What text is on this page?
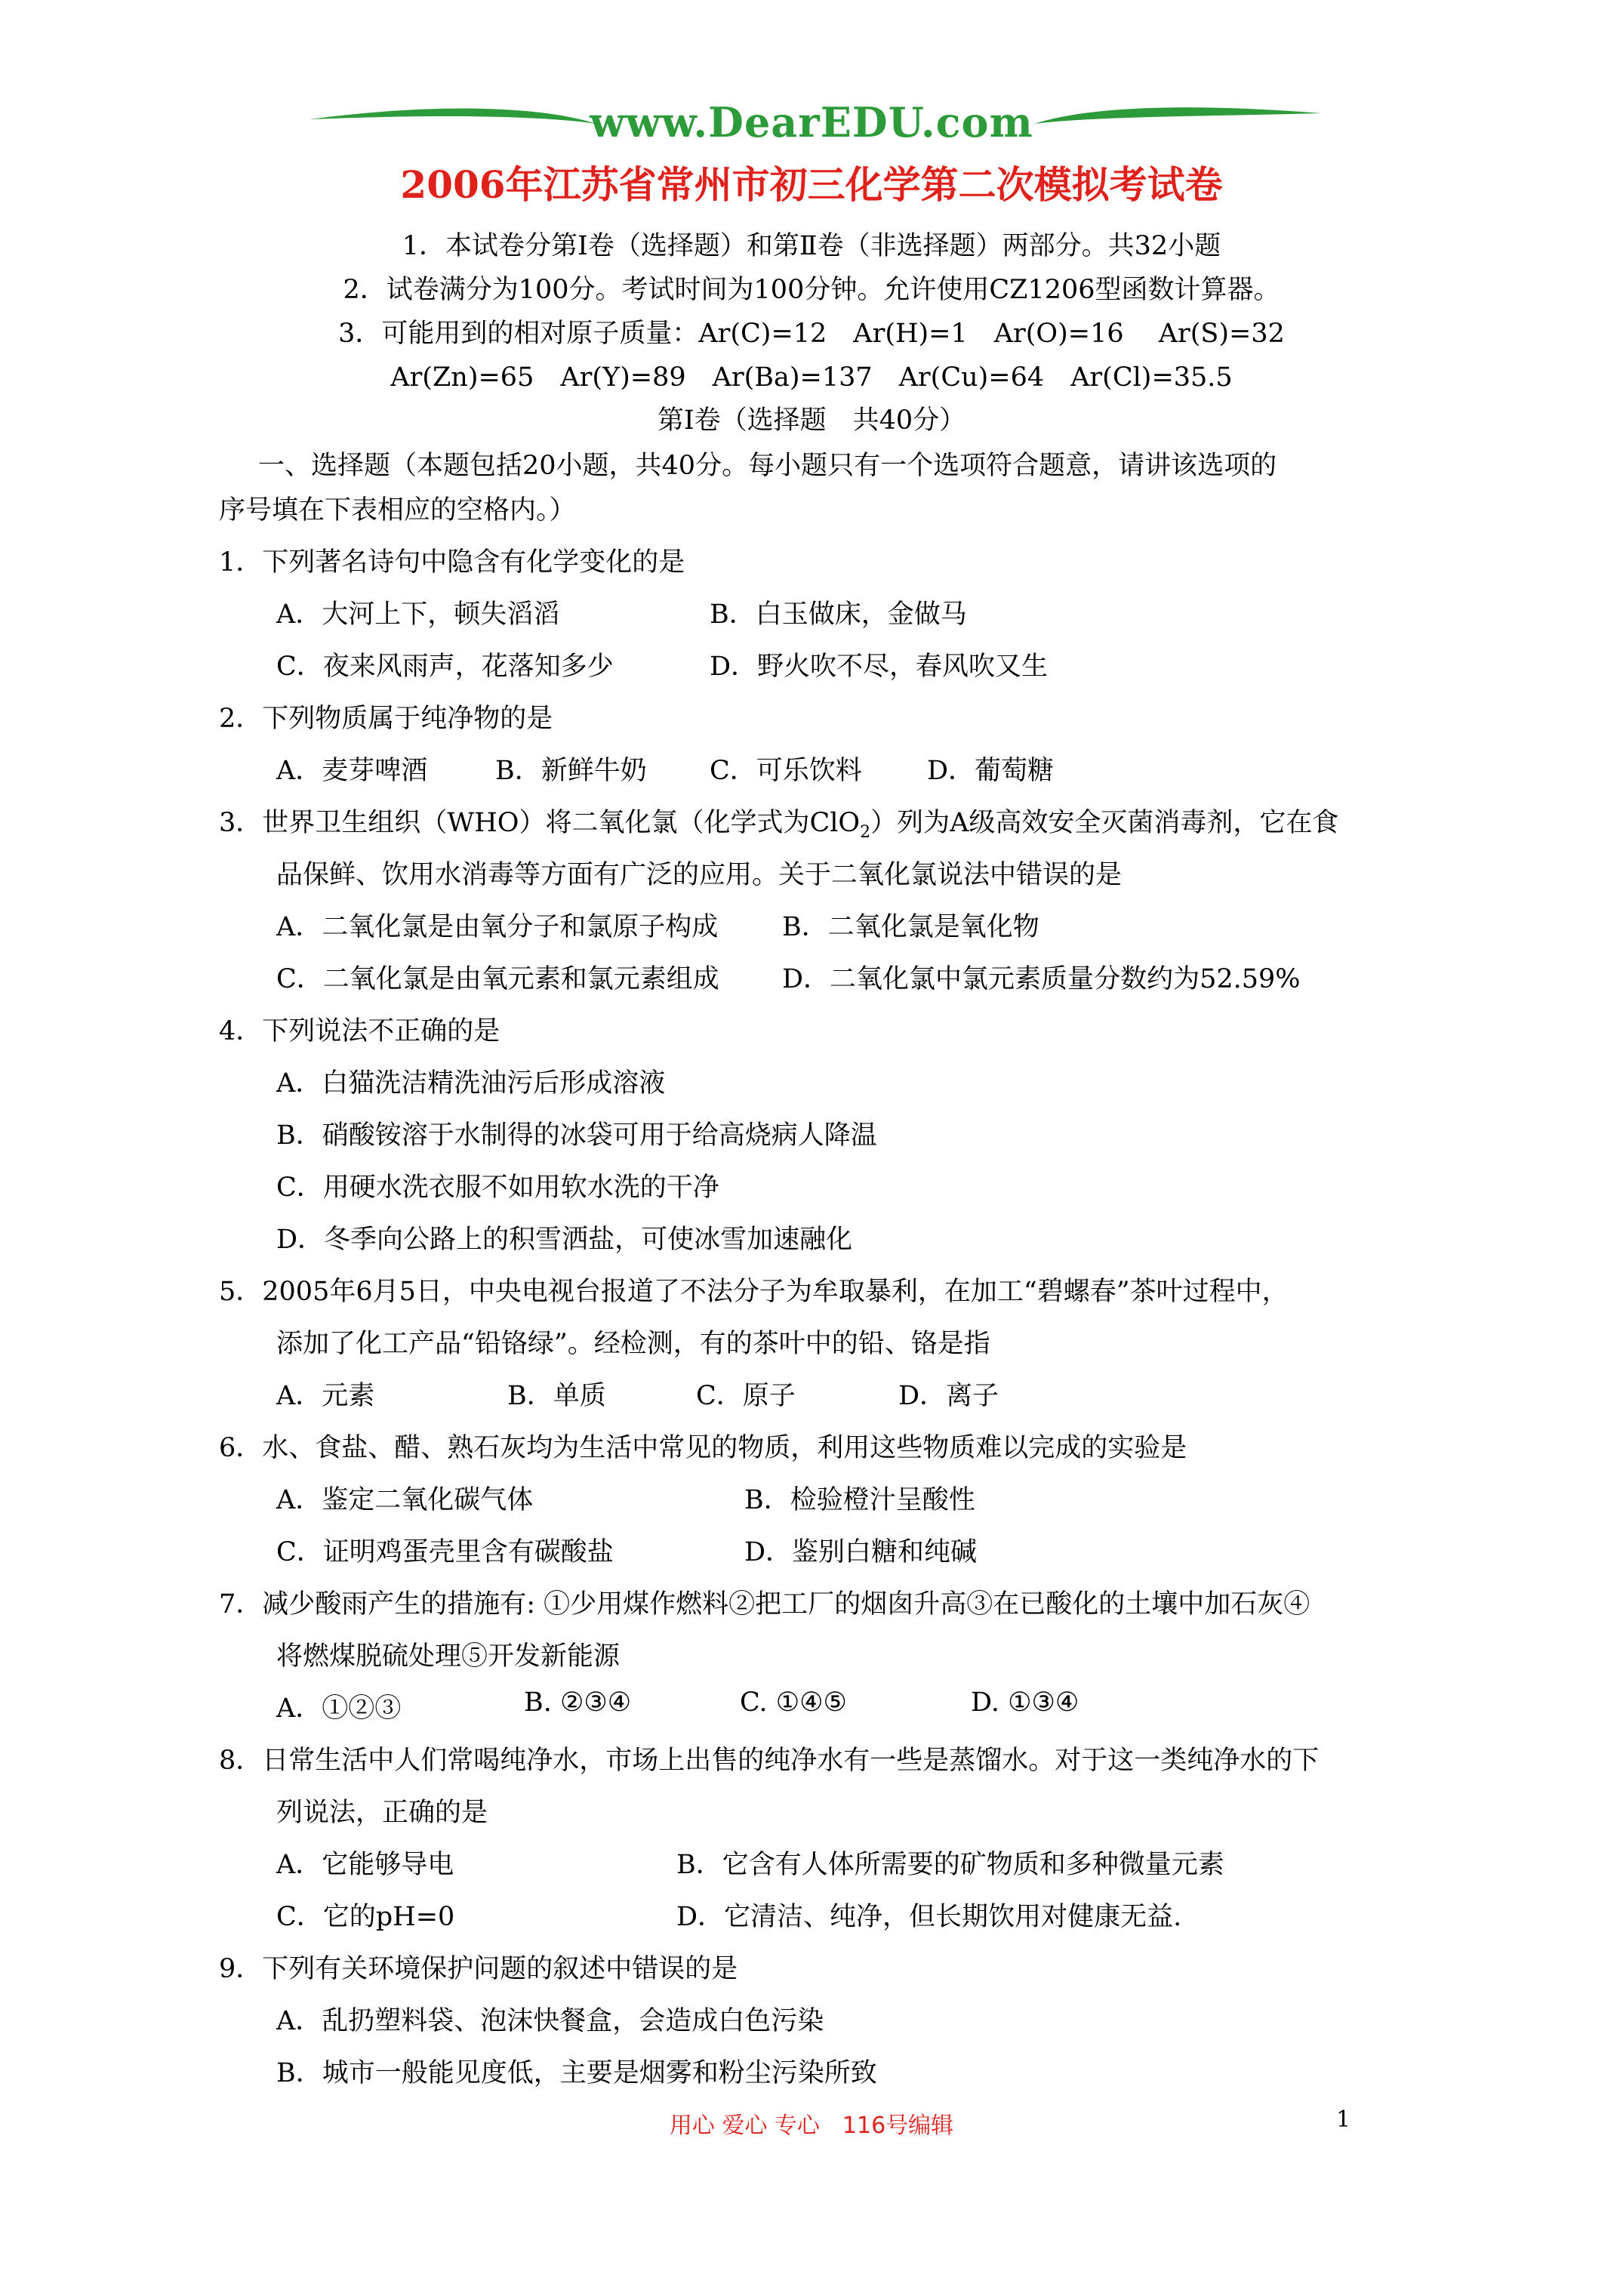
www.DearEDU.com
2006年江苏省常州市初三化学第二次模拟考试卷
1．本试卷分第Ⅰ卷（选择题）和第Ⅱ卷（非选择题）两部分。共32小题
2．试卷满分为100分。考试时间为100分钟。允许使用CZ1206型函数计算器。
3．可能用到的相对原子质量：Ar(C)=12　Ar(H)=1　Ar(O)=16　 Ar(S)=32
Ar(Zn)=65　Ar(Y)=89　Ar(Ba)=137　Ar(Cu)=64　Ar(Cl)=35.5
第Ⅰ卷（选择题　共40分）
一、选择题（本题包括20小题，共40分。每小题只有一个选项符合题意，请讲该选项的
序号填在下表相应的空格内。）
1．下列著名诗句中隐含有化学变化的是
A．大河上下，顿失滔滔	B．白玉做床，金做马
C．夜来风雨声，花落知多少	D．野火吹不尽，春风吹又生
2．下列物质属于纯净物的是
A．麦芽啤酒	B．新鲜牛奶 C．可乐饮料 D．葡萄糖
3．世界卫生组织（WHO）将二氧化氯（化学式为ClO$_2$）列为A级高效安全灭菌消毒剂，它在食
品保鲜、饮用水消毒等方面有广泛的应用。关于二氧化氯说法中错误的是
A．二氧化氯是由氧分子和氯原子构成 B．二氧化氯是氧化物
C．二氧化氯是由氧元素和氯元素组成 D．二氧化氯中氯元素质量分数约为52.59%
4．下列说法不正确的是
A．白猫洗洁精洗油污后形成溶液
B．硝酸铵溶于水制得的冰袋可用于给高烧病人降温
C．用硬水洗衣服不如用软水洗的干净
D．冬季向公路上的积雪洒盐，可使冰雪加速融化
5．2005年6月5日，中央电视台报道了不法分子为牟取暴利，在加工“碧螺春”茶叶过程中，
添加了化工产品“铅铬绿”。经检测，有的茶叶中的铅、铬是指
A．元素	B．单质	C．原子	D．离子
6．水、食盐、醋、熟石灰均为生活中常见的物质，利用这些物质难以完成的实验是
A．鉴定二氧化碳气体	B．检验橙汁呈酸性
C．证明鸡蛋壳里含有碳酸盐	D．鉴别白糖和纯碱
7．减少酸雨产生的措施有: ①少用煤作燃料②把工厂的烟囱升高③在已酸化的土壤中加石灰④
将燃煤脱硫处理⑤开发新能源
A．①②③	B. ②③④	C. ①④⑤	D. ①③④
8．日常生活中人们常喝纯净水，市场上出售的纯净水有一些是蒸馏水。对于这一类纯净水的下
列说法，正确的是
A．它能够导电	B．它含有人体所需要的矿物质和多种微量元素
C．它的pH=0	D．它清洁、纯净，但长期饮用对健康无益.
9．下列有关环境保护问题的叙述中错误的是
A．乱扔塑料袋、泡沫快餐盒，会造成白色污染
B．城市一般能见度低，主要是烟雾和粉尘污染所致
用心 爱心 专心　116号编辑	1
